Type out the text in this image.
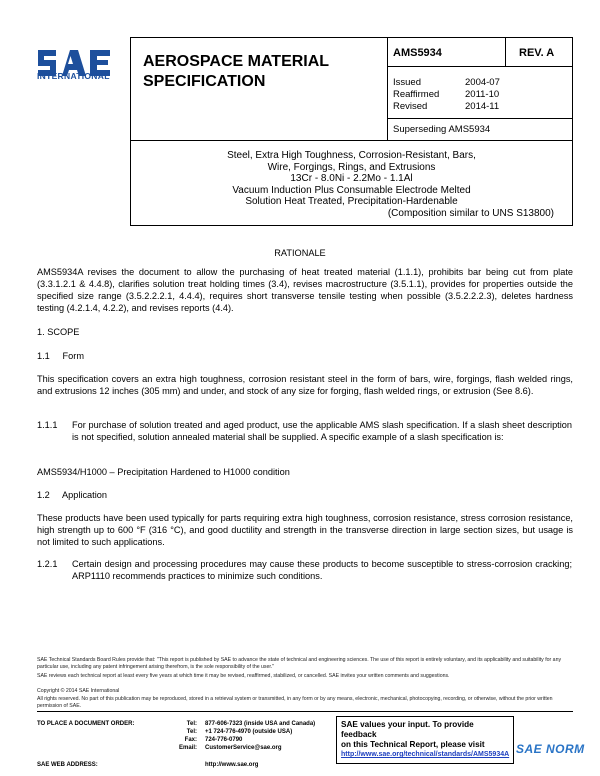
INTERNATIONAL
AEROSPACE MATERIAL
SPECIFICATION
AMS5934	REV. A
Issued	2004-07
Reaffirmed	2011-10
Revised	2014-11
Superseding AMS5934
Steel, Extra High Toughness, Corrosion-Resistant, Bars,
Wire, Forgings, Rings, and Extrusions
13Cr - 8.0Ni - 2.2Mo - 1.1Al
Vacuum Induction Plus Consumable Electrode Melted
Solution Heat Treated, Precipitation-Hardenable
(Composition similar to UNS S13800)
RATIONALE
AMS5934A revises the document to allow the purchasing of heat treated material (1.1.1), prohibits bar being cut from plate (3.3.1.2.1 & 4.4.8), clarifies solution treat holding times (3.4), revises macrostructure (3.5.1.1), provides for properties outside the specified size range (3.5.2.2.2.1, 4.4.4), requires short transverse tensile testing when possible (3.5.2.2.2.3), deletes hardness testing (4.2.1.4, 4.2.2), and revises reports (4.4).
1. SCOPE
1.1     Form
This specification covers an extra high toughness, corrosion resistant steel in the form of bars, wire, forgings, flash welded rings, and extrusions 12 inches (305 mm) and under, and stock of any size for forging, flash welded rings, or extrusion (See 8.6).
1.1.1 For purchase of solution treated and aged product, use the applicable AMS slash specification. If a slash sheet description is not specified, solution annealed material shall be supplied. A specific example of a slash specification is:
AMS5934/H1000 – Precipitation Hardened to H1000 condition
1.2     Application
These products have been used typically for parts requiring extra high toughness, corrosion resistance, stress corrosion resistance, high strength up to 600 °F (316 °C), and good ductility and strength in the transverse direction in large section sizes, but usage is not limited to such applications.
1.2.1 Certain design and processing procedures may cause these products to become susceptible to stress-corrosion cracking; ARP1110 recommends practices to minimize such conditions.
SAE Technical Standards Board Rules provide that: "This report is published by SAE to advance the state of technical and engineering sciences. The use of this report is entirely voluntary, and its applicability and suitability for any particular use, including any patent infringement arising therefrom, is the sole responsibility of the user."
SAE reviews each technical report at least every five years at which time it may be revised, reaffirmed, stabilized, or cancelled. SAE invites your written comments and suggestions.
Copyright © 2014 SAE International
All rights reserved. No part of this publication may be reproduced, stored in a retrieval system or transmitted, in any form or by any means, electronic, mechanical, photocopying, recording, or otherwise, without the prior written permission of SAE.
TO PLACE A DOCUMENT ORDER:	Tel: 877-606-7323 (inside USA and Canada)
Tel: +1 724-776-4970 (outside USA)
Fax: 724-776-0790
Email: CustomerService@sae.org
SAE WEB ADDRESS:	http://www.sae.org
SAE values your input. To provide feedback
on this Technical Report, please visit
http://www.sae.org/technical/standards/AMS5934A SAE NORM
